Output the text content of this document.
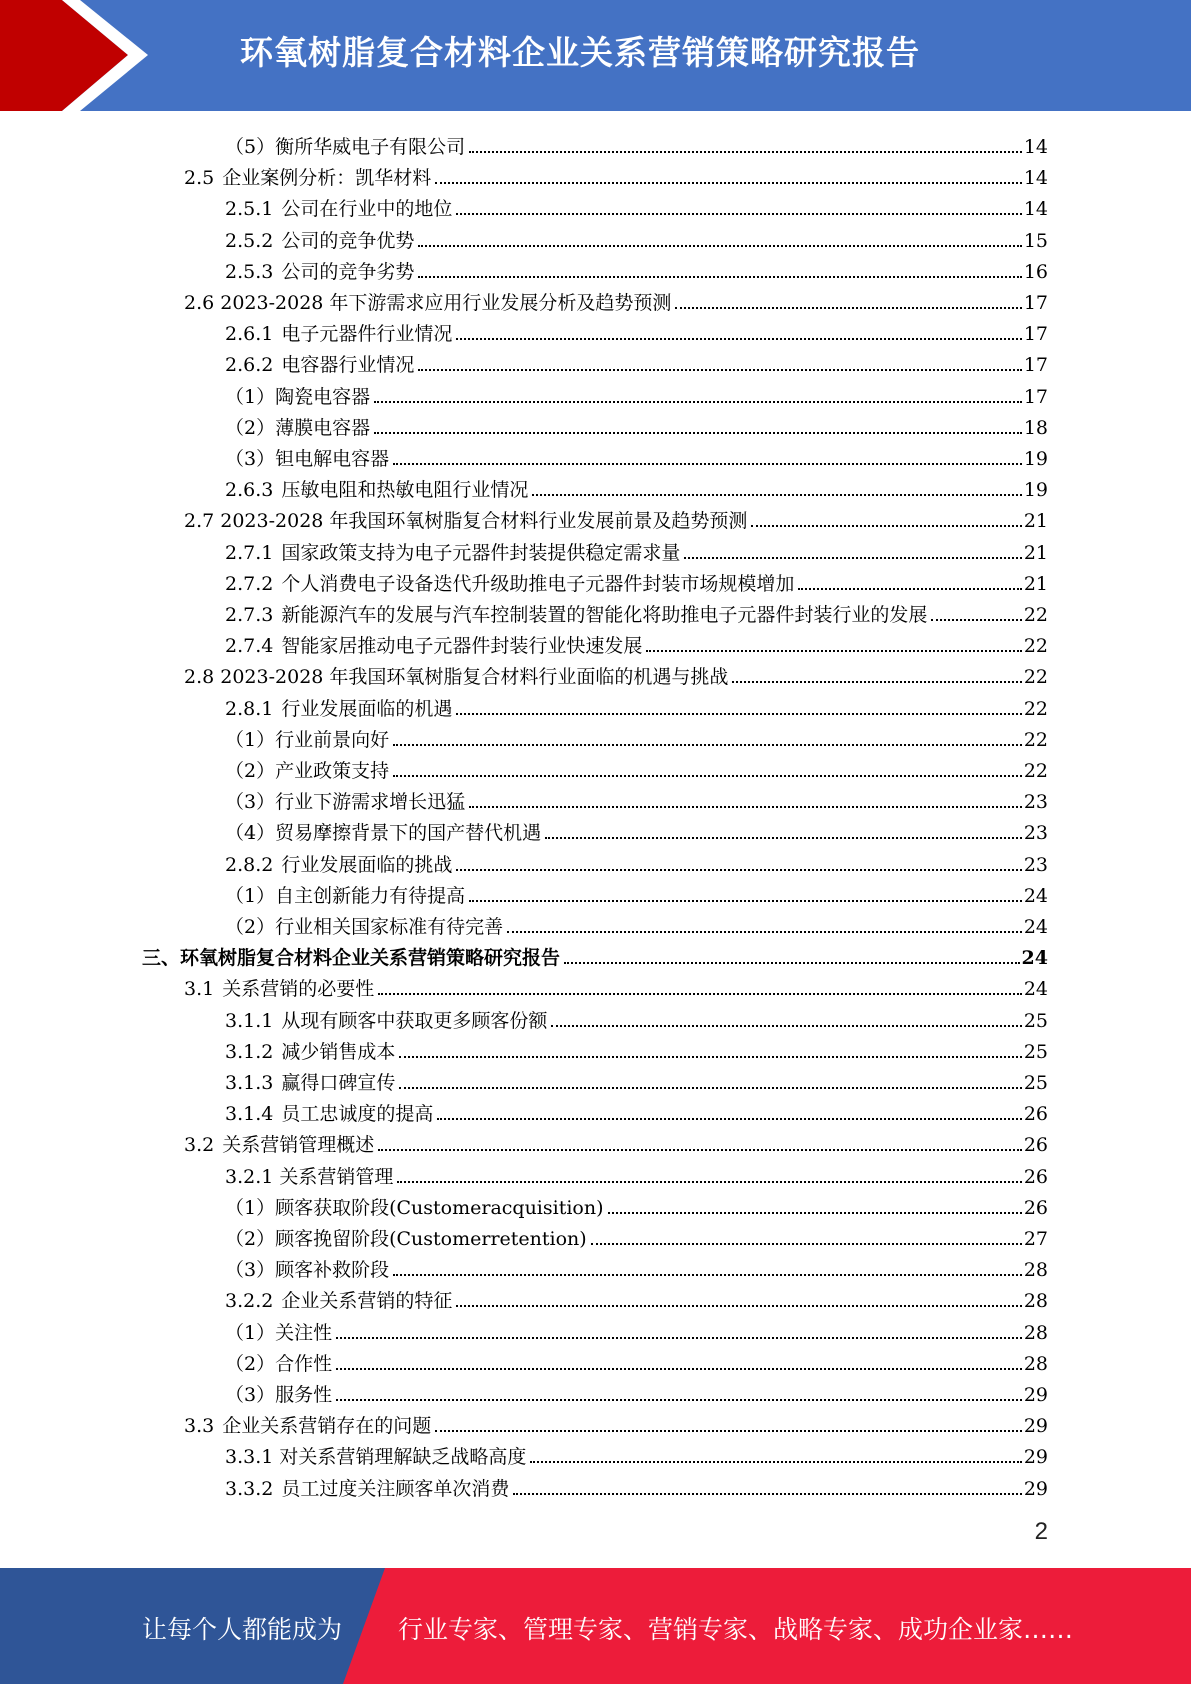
环氧树脂复合材料企业关系营销策略研究报告
（5）衡所华威电子有限公司	14
2.5 企业案例分析：凯华材料	14
2.5.1 公司在行业中的地位	14
2.5.2 公司的竞争优势	15
2.5.3 公司的竞争劣势	16
2.6 2023-2028 年下游需求应用行业发展分析及趋势预测	17
2.6.1 电子元器件行业情况	17
2.6.2 电容器行业情况	17
（1）陶瓷电容器	17
（2）薄膜电容器	18
（3）钽电解电容器	19
2.6.3 压敏电阻和热敏电阻行业情况	19
2.7 2023-2028 年我国环氧树脂复合材料行业发展前景及趋势预测	21
2.7.1 国家政策支持为电子元器件封装提供稳定需求量	21
2.7.2 个人消费电子设备迭代升级助推电子元器件封装市场规模增加	21
2.7.3 新能源汽车的发展与汽车控制装置的智能化将助推电子元器件封装行业的发展	22
2.7.4 智能家居推动电子元器件封装行业快速发展	22
2.8 2023-2028 年我国环氧树脂复合材料行业面临的机遇与挑战	22
2.8.1 行业发展面临的机遇	22
（1）行业前景向好	22
（2）产业政策支持	22
（3）行业下游需求增长迅猛	23
（4）贸易摩擦背景下的国产替代机遇	23
2.8.2 行业发展面临的挑战	23
（1）自主创新能力有待提高	24
（2）行业相关国家标准有待完善	24
三、环氧树脂复合材料企业关系营销策略研究报告	24
3.1 关系营销的必要性	24
3.1.1 从现有顾客中获取更多顾客份额	25
3.1.2 减少销售成本	25
3.1.3 赢得口碑宣传	25
3.1.4 员工忠诚度的提高	26
3.2 关系营销管理概述	26
3.2.1 关系营销管理	26
（1）顾客获取阶段(Customeracquisition)	26
（2）顾客挽留阶段(Customerretention)	27
（3）顾客补救阶段	28
3.2.2 企业关系营销的特征	28
（1）关注性	28
（2）合作性	28
（3）服务性	29
3.3 企业关系营销存在的问题	29
3.3.1 对关系营销理解缺乏战略高度	29
3.3.2 员工过度关注顾客单次消费	29
2
让每个人都能成为 行业专家、管理专家、营销专家、战略专家、成功企业家……
